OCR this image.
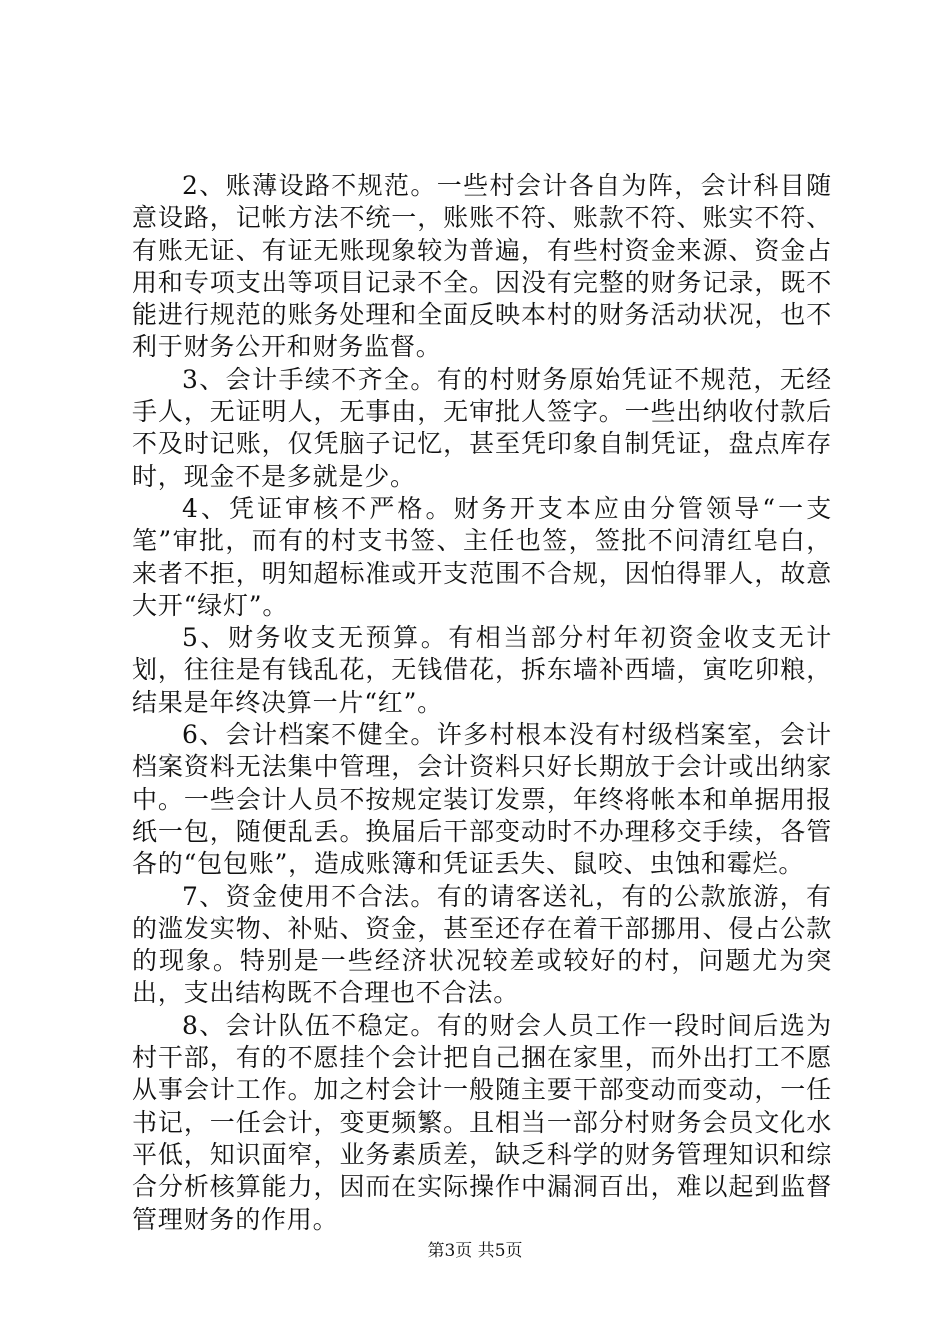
2、账薄设路不规范。一些村会计各自为阵，会计科目随意设路，记帐方法不统一，账账不符、账款不符、账实不符、有账无证、有证无账现象较为普遍，有些村资金来源、资金占用和专项支出等项目记录不全。因没有完整的财务记录，既不能进行规范的账务处理和全面反映本村的财务活动状况，也不利于财务公开和财务监督。

3、会计手续不齐全。有的村财务原始凭证不规范，无经手人，无证明人，无事由，无审批人签字。一些出纳收付款后不及时记账，仅凭脑子记忆，甚至凭印象自制凭证，盘点库存时，现金不是多就是少。

4、凭证审核不严格。财务开支本应由分管领导“一支笔”审批，而有的村支书签、主任也签，签批不问清红皂白，来者不拒，明知超标准或开支范围不合规，因怕得罪人，故意大开“绿灯”。

5、财务收支无预算。有相当部分村年初资金收支无计划，往往是有钱乱花，无钱借花，拆东墙补西墙，寅吃卯粮，结果是年终决算一片“红”。

6、会计档案不健全。许多村根本没有村级档案室，会计档案资料无法集中管理，会计资料只好长期放于会计或出纳家中。一些会计人员不按规定装订发票，年终将帐本和单据用报纸一包，随便乱丢。换届后干部变动时不办理移交手续，各管各的“包包账”，造成账簿和凭证丢失、鼠咬、虫蚀和霉烂。

7、资金使用不合法。有的请客送礼，有的公款旅游，有的滥发实物、补贴、资金，甚至还存在着干部挪用、侵占公款的现象。特别是一些经济状况较差或较好的村，问题尤为突出，支出结构既不合理也不合法。

8、会计队伍不稳定。有的财会人员工作一段时间后选为村干部，有的不愿挂个会计把自己捆在家里，而外出打工不愿从事会计工作。加之村会计一般随主要干部变动而变动，一任书记，一任会计，变更频繁。且相当一部分村财务会员文化水平低，知识面窄，业务素质差，缺乏科学的财务管理知识和综合分析核算能力，因而在实际操作中漏洞百出，难以起到监督管理财务的作用。

第3页 共5页
